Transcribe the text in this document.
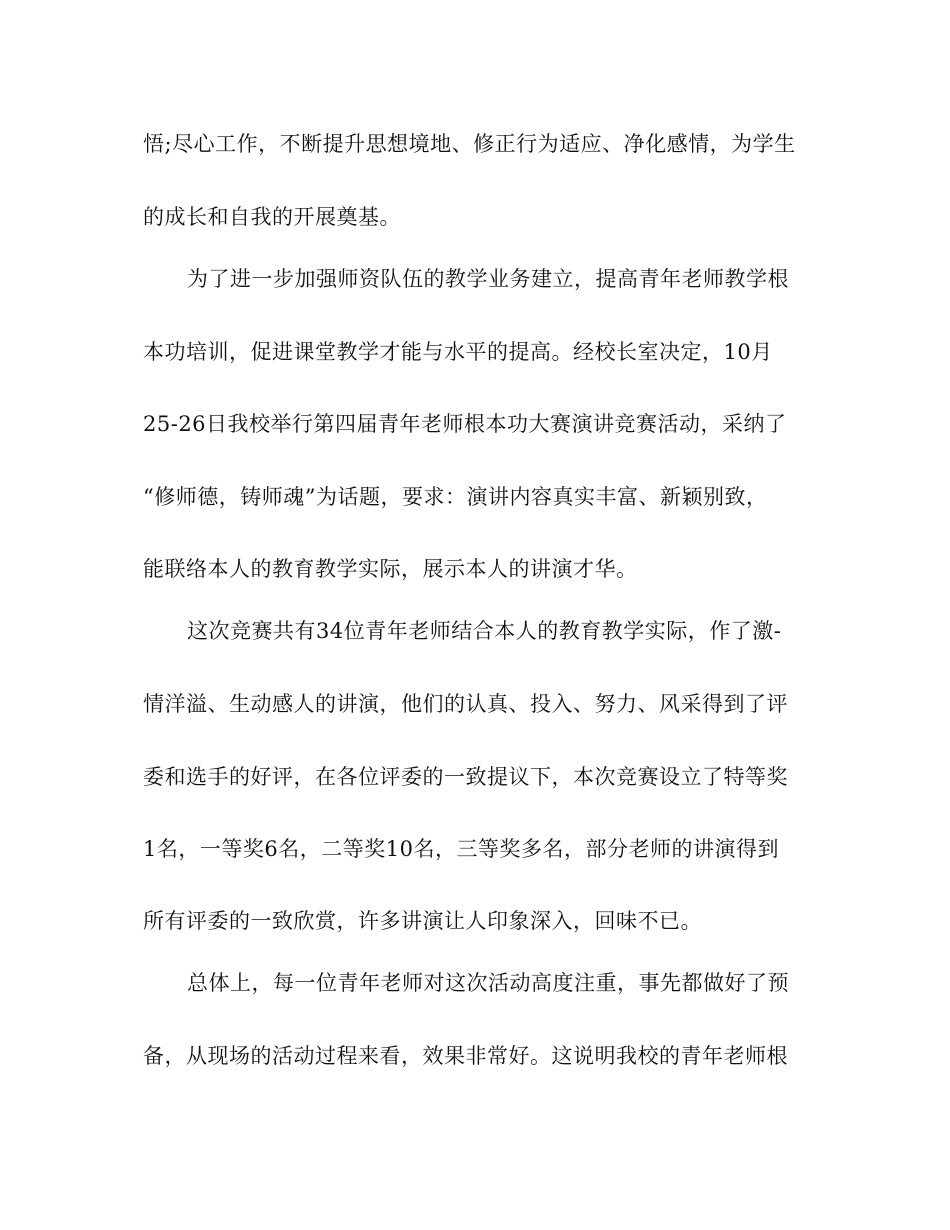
悟;尽心工作，不断提升思想境地、修正行为适应、净化感情，为学生
的成长和自我的开展奠基。
为了进一步加强师资队伍的教学业务建立，提高青年老师教学根
本功培训，促进课堂教学才能与水平的提高。经校长室决定，10月
25-26日我校举行第四届青年老师根本功大赛演讲竞赛活动，采纳了
“修师德，铸师魂”为话题，要求：演讲内容真实丰富、新颖别致，
能联络本人的教育教学实际，展示本人的讲演才华。
这次竞赛共有34位青年老师结合本人的教育教学实际，作了激-
情洋溢、生动感人的讲演，他们的认真、投入、努力、风采得到了评
委和选手的好评，在各位评委的一致提议下，本次竞赛设立了特等奖
1名，一等奖6名，二等奖10名，三等奖多名，部分老师的讲演得到
所有评委的一致欣赏，许多讲演让人印象深入，回味不已。
总体上，每一位青年老师对这次活动高度注重，事先都做好了预
备，从现场的活动过程来看，效果非常好。这说明我校的青年老师根
